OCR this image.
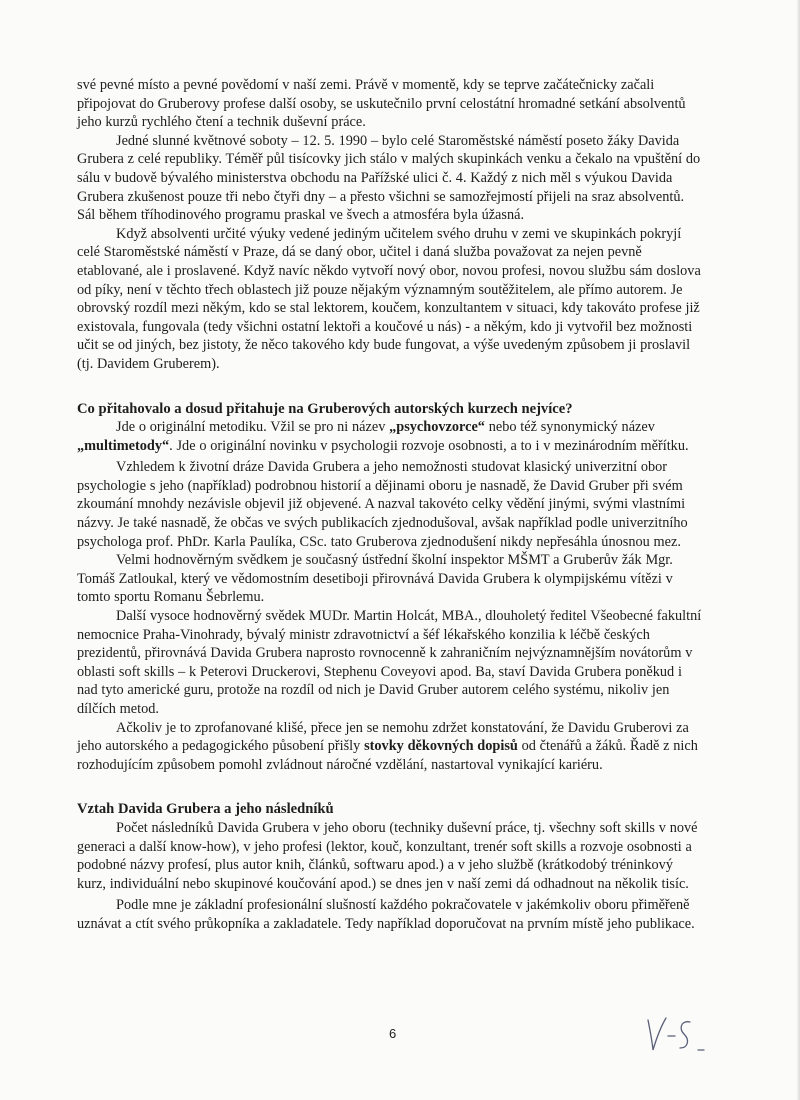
své pevné místo a pevné povědomí v naší zemi. Právě v momentě, kdy se teprve začátečnicky začali připojovat do Gruberovy profese další osoby, se uskutečnilo první celostátní hromadné setkání absolventů jeho kurzů rychlého čtení a technik duševní práce.

Jedné slunné květnové soboty – 12. 5. 1990 – bylo celé Staroměstské náměstí poseto žáky Davida Grubera z celé republiky. Téměř půl tisícovky jich stálo v malých skupinkách venku a čekalo na vpuštění do sálu v budově bývalého ministerstva obchodu na Pařížské ulici č. 4. Každý z nich měl s výukou Davida Grubera zkušenost pouze tři nebo čtyři dny – a přesto všichni se samozřejmostí přijeli na sraz absolventů. Sál během tříhodinového programu praskal ve švech a atmosféra byla úžasná.

Když absolventi určité výuky vedené jediným učitelem svého druhu v zemi ve skupinkách pokryjí celé Staroměstské náměstí v Praze, dá se daný obor, učitel i daná služba považovat za nejen pevně etablované, ale i proslavené. Když navíc někdo vytvoří nový obor, novou profesi, novou službu sám doslova od píky, není v těchto třech oblastech již pouze nějakým významným soutěžitelem, ale přímo autorem. Je obrovský rozdíl mezi někým, kdo se stal lektorem, koučem, konzultantem v situaci, kdy takováto profese již existovala, fungovala (tedy všichni ostatní lektoři a koučové u nás) - a někým, kdo ji vytvořil bez možnosti učit se od jiných, bez jistoty, že něco takového kdy bude fungovat, a výše uvedeným způsobem ji proslavil (tj. Davidem Gruberem).

Co přitahovalo a dosud přitahuje na Gruberových autorských kurzech nejvíce?

Jde o originální metodiku. Vžil se pro ni název „psychovzorce“ nebo též synonymický název „multimetody“. Jde o originální novinku v psychologii rozvoje osobnosti, a to i v mezinárodním měřítku.

Vzhledem k životní dráze Davida Grubera a jeho nemožnosti studovat klasický univerzitní obor psychologie s jeho (například) podrobnou historií a dějinami oboru je nasnadě, že David Gruber při svém zkoumání mnohdy nezávisle objevil již objevené. A nazval takovéto celky vědění jinými, svými vlastními názvy. Je také nasnadě, že občas ve svých publikacích zjednodušoval, avšak například podle univerzitního psychologa prof. PhDr. Karla Paulíka, CSc. tato Gruberova zjednodušení nikdy nepřesáhla únosnou mez.

Velmi hodnověrným svědkem je současný ústřední školní inspektor MŠMT a Gruberův žák Mgr. Tomáš Zatloukal, který ve vědomostním desetiboji přirovnává Davida Grubera k olympijskému vítězi v tomto sportu Romanu Šebrlemu.

Další vysoce hodnověrný svědek MUDr. Martin Holcát, MBA., dlouholetý ředitel Všeobecné fakultní nemocnice Praha-Vinohrady, bývalý ministr zdravotnictví a šéf lékařského konzilia k léčbě českých prezidentů, přirovnává Davida Grubera naprosto rovnocenně k zahraničním nejvýznamnějším novátorům v oblasti soft skills – k Peterovi Druckerovi, Stephenu Coveyovi apod. Ba, staví Davida Grubera poněkud i nad tyto americké guru, protože na rozdíl od nich je David Gruber autorem celého systému, nikoliv jen dílčích metod.

Ačkoliv je to zprofanované klišé, přece jen se nemohu zdržet konstatování, že Davidu Gruberovi za jeho autorského a pedagogického působení přišly stovky děkovných dopisů od čtenářů a žáků. Řadě z nich rozhodujícím způsobem pomohl zvládnout náročné vzdělání, nastartoval vynikající kariéru.

Vztah Davida Grubera a jeho následníků

Počet následníků Davida Grubera v jeho oboru (techniky duševní práce, tj. všechny soft skills v nové generaci a další know-how), v jeho profesi (lektor, kouč, konzultant, trenér soft skills a rozvoje osobnosti a podobné názvy profesí, plus autor knih, článků, softwaru apod.) a v jeho službě (krátkodobý tréninkový kurz, individuální nebo skupinové koučování apod.) se dnes jen v naší zemi dá odhadnout na několik tisíc.

Podle mne je základní profesionální slušností každého pokračovatele v jakémkoliv oboru přiměřeně uznávat a ctít svého průkopníka a zakladatele. Tedy například doporučovat na prvním místě jeho publikace.

6
